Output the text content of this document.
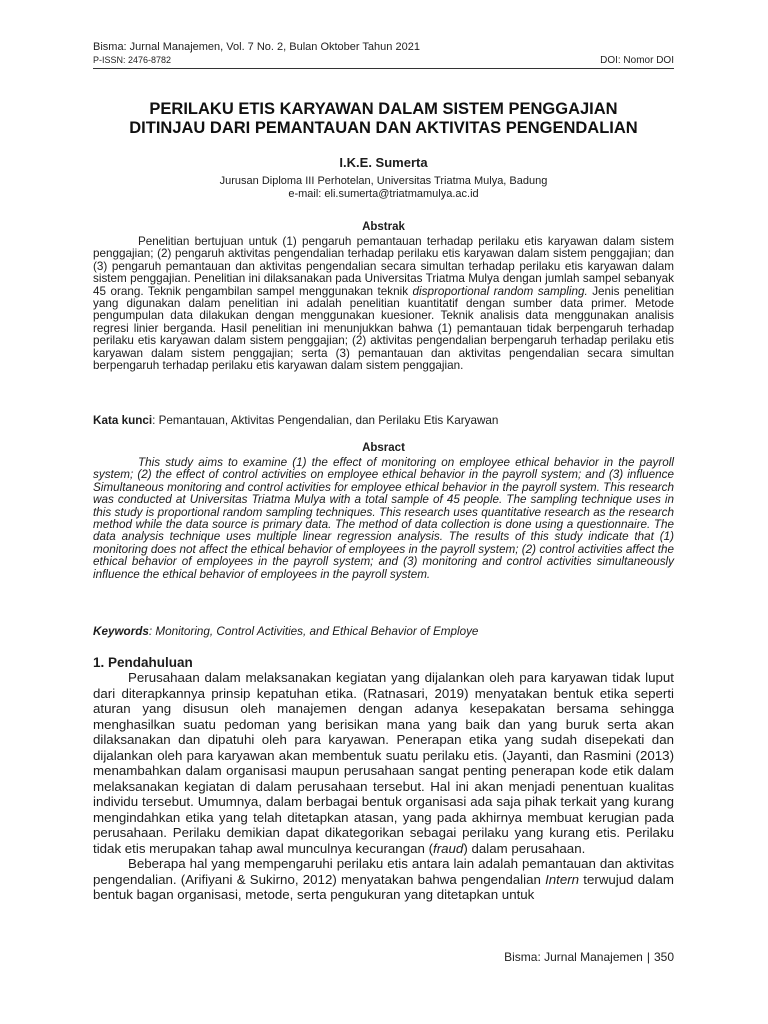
Bisma: Jurnal Manajemen, Vol. 7 No. 2, Bulan Oktober Tahun 2021
P-ISSN: 2476-8782	DOI: Nomor DOI
PERILAKU ETIS KARYAWAN DALAM SISTEM PENGGAJIAN
DITINJAU DARI PEMANTAUAN DAN AKTIVITAS PENGENDALIAN
I.K.E. Sumerta
Jurusan Diploma III Perhotelan, Universitas Triatma Mulya, Badung
e-mail: eli.sumerta@triatmamulya.ac.id
Abstrak

Penelitian bertujuan untuk (1) pengaruh pemantauan terhadap perilaku etis karyawan dalam sistem penggajian; (2) pengaruh aktivitas pengendalian terhadap perilaku etis karyawan dalam sistem penggajian; dan (3) pengaruh pemantauan dan aktivitas pengendalian secara simultan terhadap perilaku etis karyawan dalam sistem penggajian. Penelitian ini dilaksanakan pada Universitas Triatma Mulya dengan jumlah sampel sebanyak 45 orang. Teknik pengambilan sampel menggunakan teknik disproportional random sampling. Jenis penelitian yang digunakan dalam penelitian ini adalah penelitian kuantitatif dengan sumber data primer. Metode pengumpulan data dilakukan dengan menggunakan kuesioner. Teknik analisis data menggunakan analisis regresi linier berganda. Hasil penelitian ini menunjukkan bahwa (1) pemantauan tidak berpengaruh terhadap perilaku etis karyawan dalam sistem penggajian; (2) aktivitas pengendalian berpengaruh terhadap perilaku etis karyawan dalam sistem penggajian; serta (3) pemantauan dan aktivitas pengendalian secara simultan berpengaruh terhadap perilaku etis karyawan dalam sistem penggajian.

Kata kunci: Pemantauan, Aktivitas Pengendalian, dan Perilaku Etis Karyawan
Absract

This study aims to examine (1) the effect of monitoring on employee ethical behavior in the payroll system; (2) the effect of control activities on employee ethical behavior in the payroll system; and (3) influence Simultaneous monitoring and control activities for employee ethical behavior in the payroll system. This research was conducted at Universitas Triatma Mulya with a total sample of 45 people. The sampling technique uses in this study is proportional random sampling techniques. This research uses quantitative research as the research method while the data source is primary data. The method of data collection is done using a questionnaire. The data analysis technique uses multiple linear regression analysis. The results of this study indicate that (1) monitoring does not affect the ethical behavior of employees in the payroll system; (2) control activities affect the ethical behavior of employees in the payroll system; and (3) monitoring and control activities simultaneously influence the ethical behavior of employees in the payroll system.

Keywords: Monitoring, Control Activities, and Ethical Behavior of Employe
1. Pendahuluan

Perusahaan dalam melaksanakan kegiatan yang dijalankan oleh para karyawan tidak luput dari diterapkannya prinsip kepatuhan etika. (Ratnasari, 2019) menyatakan bentuk etika seperti aturan yang disusun oleh manajemen dengan adanya kesepakatan bersama sehingga menghasilkan suatu pedoman yang berisikan mana yang baik dan yang buruk serta akan dilaksanakan dan dipatuhi oleh para karyawan. Penerapan etika yang sudah disepekati dan dijalankan oleh para karyawan akan membentuk suatu perilaku etis. (Jayanti, dan Rasmini (2013) menambahkan dalam organisasi maupun perusahaan sangat penting penerapan kode etik dalam melaksanakan kegiatan di dalam perusahaan tersebut. Hal ini akan menjadi penentuan kualitas individu tersebut. Umumnya, dalam berbagai bentuk organisasi ada saja pihak terkait yang kurang mengindahkan etika yang telah ditetapkan atasan, yang pada akhirnya membuat kerugian pada perusahaan. Perilaku demikian dapat dikategorikan sebagai perilaku yang kurang etis. Perilaku tidak etis merupakan tahap awal munculnya kecurangan (fraud) dalam perusahaan.

Beberapa hal yang mempengaruhi perilaku etis antara lain adalah pemantauan dan aktivitas pengendalian. (Arifiyani & Sukirno, 2012) menyatakan bahwa pengendalian Intern terwujud dalam bentuk bagan organisasi, metode, serta pengukuran yang ditetapkan untuk

Bisma: Jurnal Manajemen | 350
